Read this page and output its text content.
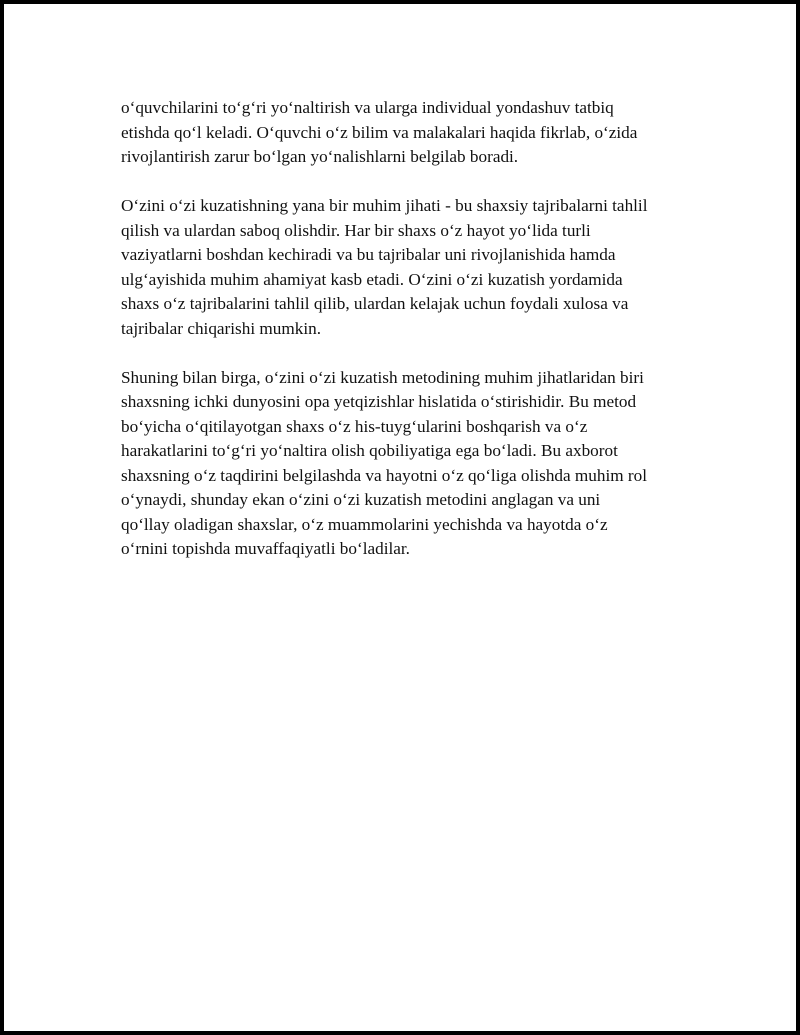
o‘quvchilarini to‘g‘ri yo‘naltirish va ularga individual yondashuv tatbiq
etishda qo‘l keladi. O‘quvchi o‘z bilim va malakalari haqida fikrlab, o‘zida
rivojlantirish zarur bo‘lgan yo‘nalishlarni belgilab boradi.

O‘zini o‘zi kuzatishning yana bir muhim jihati - bu shaxsiy tajribalarni tahlil
qilish va ulardan saboq olishdir. Har bir shaxs o‘z hayot yo‘lida turli
vaziyatlarni boshdan kechiradi va bu tajribalar uni rivojlanishida hamda
ulg‘ayishida muhim ahamiyat kasb etadi. O‘zini o‘zi kuzatish yordamida
shaxs o‘z tajribalarini tahlil qilib, ulardan kelajak uchun foydali xulosa va
tajribalar chiqarishi mumkin.

Shuning bilan birga, o‘zini o‘zi kuzatish metodining muhim jihatlaridan biri
shaxsning ichki dunyosini opa yetqizishlar hislatida o‘stirishidir. Bu metod
bo‘yicha o‘qitilayotgan shaxs o‘z his-tuyg‘ularini boshqarish va o‘z
harakatlarini to‘g‘ri yo‘naltira olish qobiliyatiga ega bo‘ladi. Bu axborot
shaxsning o‘z taqdirini belgilashda va hayotni o‘z qo‘liga olishda muhim rol
o‘ynaydi, shunday ekan o‘zini o‘zi kuzatish metodini anglagan va uni
qo‘llay oladigan shaxslar, o‘z muammolarini yechishda va hayotda o‘z
o‘rnini topishda muvaffaqiyatli bo‘ladilar.
